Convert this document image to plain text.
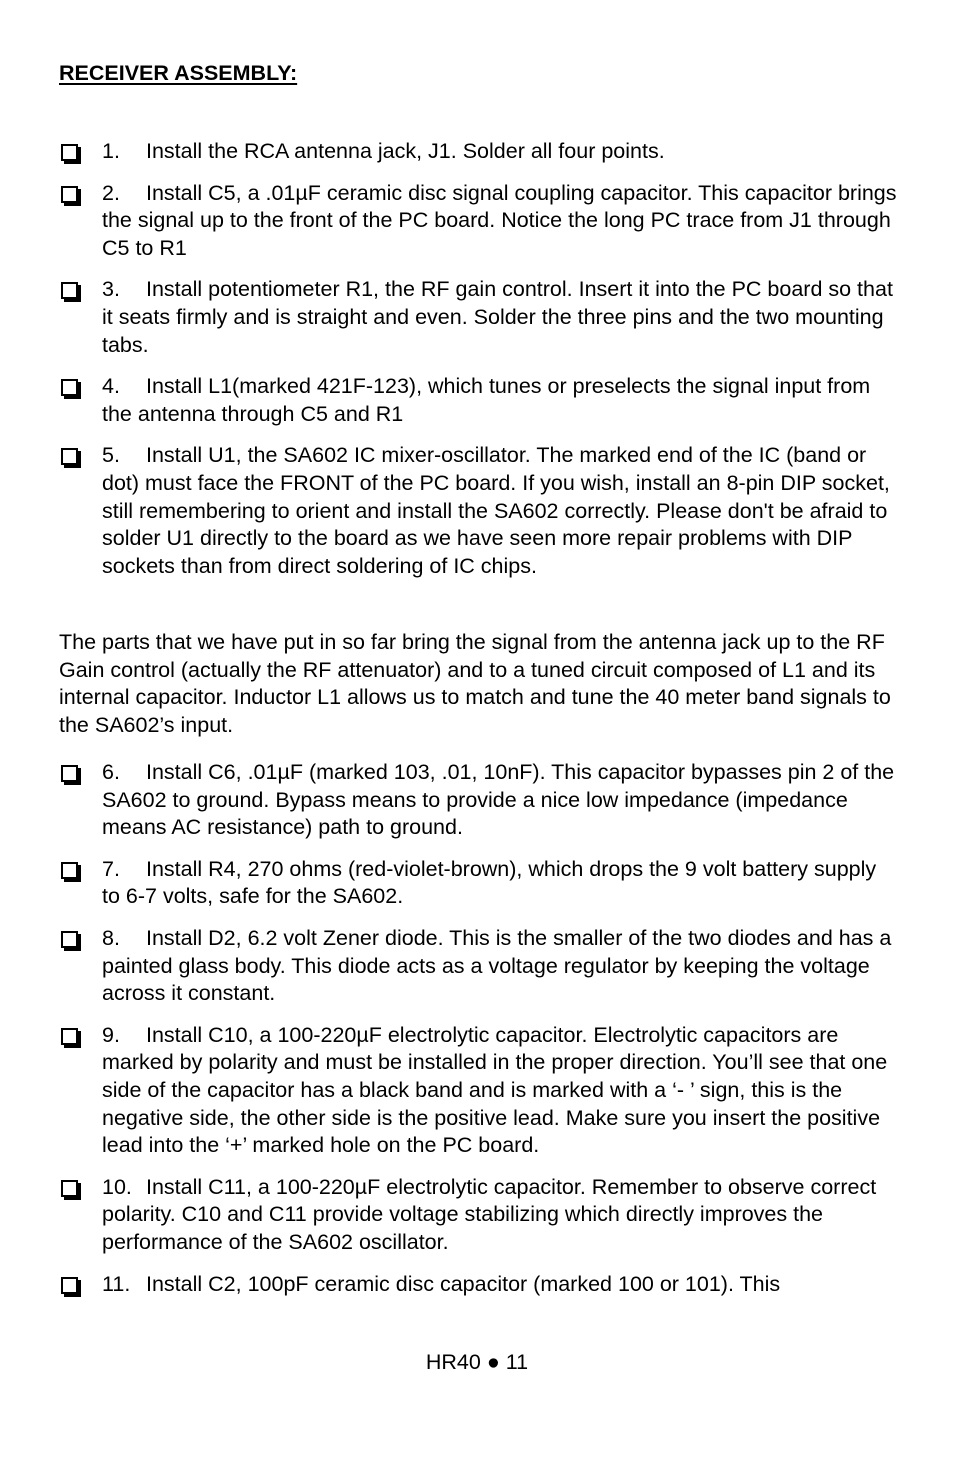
RECEIVER ASSEMBLY:
1. Install the RCA antenna jack, J1. Solder all four points.
2. Install C5, a .01µF ceramic disc signal coupling capacitor. This capacitor brings the signal up to the front of the PC board. Notice the long PC trace from J1 through C5 to R1
3. Install potentiometer R1, the RF gain control. Insert it into the PC board so that it seats firmly and is straight and even. Solder the three pins and the two mounting tabs.
4. Install L1(marked 421F-123), which tunes or preselects the signal input from the antenna through C5 and R1
5. Install U1, the SA602 IC mixer-oscillator. The marked end of the IC (band or dot) must face the FRONT of the PC board. If you wish, install an 8-pin DIP socket, still remembering to orient and install the SA602 correctly. Please don't be afraid to solder U1 directly to the board as we have seen more repair problems with DIP sockets than from direct soldering of IC chips.

The parts that we have put in so far bring the signal from the antenna jack up to the RF Gain control (actually the RF attenuator) and to a tuned circuit composed of L1 and its internal capacitor. Inductor L1 allows us to match and tune the 40 meter band signals to the SA602’s input.

6. Install C6, .01µF (marked 103, .01, 10nF). This capacitor bypasses pin 2 of the SA602 to ground. Bypass means to provide a nice low impedance (impedance means AC resistance) path to ground.
7. Install R4, 270 ohms (red-violet-brown), which drops the 9 volt battery supply to 6-7 volts, safe for the SA602.
8. Install D2, 6.2 volt Zener diode. This is the smaller of the two diodes and has a painted glass body. This diode acts as a voltage regulator by keeping the voltage across it constant.
9. Install C10, a 100-220µF electrolytic capacitor. Electrolytic capacitors are marked by polarity and must be installed in the proper direction. You’ll see that one side of the capacitor has a black band and is marked with a ‘- ’ sign, this is the negative side, the other side is the positive lead. Make sure you insert the positive lead into the ‘+’ marked hole on the PC board.
10. Install C11, a 100-220µF electrolytic capacitor. Remember to observe correct polarity. C10 and C11 provide voltage stabilizing which directly improves the performance of the SA602 oscillator.
11. Install C2, 100pF ceramic disc capacitor (marked 100 or 101). This

HR40 ● 11
